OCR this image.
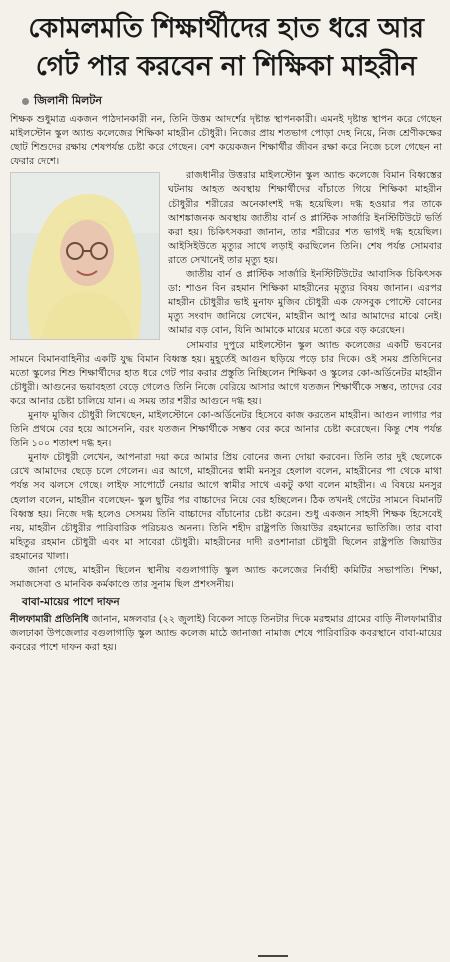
কোমলমতি শিক্ষার্থীদের হাত ধরে আর
গেট পার করবেন না শিক্ষিকা মাহরীন
জিলানী মিলটন

শিক্ষক শুধুমাত্র একজন পাঠদানকারী নন, তিনি উত্তম আদর্শের দৃষ্টান্ত স্থাপনকারী। এমনই দৃষ্টান্ত স্থাপন করে গেছেন মাইলস্টোন স্কুল অ্যান্ড কলেজের শিক্ষিকা মাহরীন চৌধুরী। নিজের প্রায় শতভাগ পোড়া দেহ নিয়ে, নিজ শ্রেণীকক্ষের ছোট শিশুদের রক্ষায় শেষপর্যন্ত চেষ্টা করে গেছেন। বেশ কয়েকজন শিক্ষার্থীর জীবন রক্ষা করে নিজে চলে গেছেন না ফেরার দেশে।

রাজধানীর উত্তরার মাইলস্টোন স্কুল অ্যান্ড কলেজে বিমান বিধ্বস্তের ঘটনায় আহত অবস্থায় শিক্ষার্থীদের বাঁচাতে গিয়ে শিক্ষিকা মাহরীন চৌধুরীর শরীরের অনেকাংশই দগ্ধ হয়েছিল। দগ্ধ হওয়ার পর তাকে আশঙ্কাজনক অবস্থায় জাতীয় বার্ন ও প্লাস্টিক সার্জারি ইনস্টিটিউটে ভর্তি করা হয়। চিকিৎসকরা জানান, তার শরীরের শত ভাগই দগ্ধ হয়েছিল। আইসিইউতে মৃত্যুর সাথে লড়াই করছিলেন তিনি। শেষ পর্যন্ত সোমবার রাতে সেখানেই তার মৃত্যু হয়।

জাতীয় বার্ন ও প্লাস্টিক সার্জারি ইনস্টিটিউটের আবাসিক চিকিৎসক ডা: শাওন বিন রহমান শিক্ষিকা মাহরীনের মৃত্যুর বিষয় জানান। এরপর মাহরীন চৌধুরীর ভাই মুনাফ মুজিব চৌধুরী এক ফেসবুক পোস্টে বোনের মৃত্যু সংবাদ জানিয়ে লেখেন, মাহরীন আপু আর আমাদের মাঝে নেই। আমার বড় বোন, যিনি আমাকে মায়ের মতো করে বড় করেছেন।

সোমবার দুপুরে মাইলস্টোন স্কুল অ্যান্ড কলেজের একটি ভবনের সামনে বিমানবাহিনীর একটি যুদ্ধ বিমান বিধ্বস্ত হয়। মুহূর্তেই আগুন ছড়িয়ে পড়ে চার দিকে। ওই সময় প্রতিদিনের মতো স্কুলের শিশু শিক্ষার্থীদের হাত ধরে গেট পার করার প্রস্তুতি নিচ্ছিলেন শিক্ষিকা ও স্কুলের কো-অর্ডিনেটর মাহরীন চৌধুরী। আগুনের ভয়াবহতা বেড়ে গেলেও তিনি নিজে বেরিয়ে আসার আগে যতজন শিক্ষার্থীকে সম্ভব, তাদের বের করে আনার চেষ্টা চালিয়ে যান। এ সময় তার শরীর আগুনে দগ্ধ হয়।

মুনাফ মুজিব চৌধুরী লিখেছেন, মাইলস্টোনে কো-অর্ডিনেটর হিসেবে কাজ করতেন মাহরীন। আগুন লাগার পর তিনি প্রথমে বের হয়ে আসেননি, বরং যতজন শিক্ষার্থীকে সম্ভব বের করে আনার চেষ্টা করেছেন। কিন্তু শেষ পর্যন্ত তিনি ১০০ শতাংশ দগ্ধ হন।

মুনাফ চৌধুরী লেখেন, আপনারা দয়া করে আমার প্রিয় বোনের জন্য দোয়া করবেন। তিনি তার দুই ছেলেকে রেখে আমাদের ছেড়ে চলে গেলেন। এর আগে, মাহরীনের স্বামী মনসুর হেলাল বলেন, মাহরীনের পা থেকে মাথা পর্যন্ত সব ঝলসে গেছে। লাইফ সাপোর্টে নেয়ার আগে স্বামীর সাথে একটু কথা বলেন মাহরীন। এ বিষয়ে মনসুর হেলাল বলেন, মাহরীন বলেছেন- স্কুল ছুটির পর বাচ্চাদের নিয়ে বের হচ্ছিলেন। ঠিক তখনই গেটের সামনে বিমানটি বিধ্বস্ত হয়। নিজে দগ্ধ হলেও সেসময় তিনি বাচ্চাদের বাঁচানোর চেষ্টা করেন। শুধু একজন সাহসী শিক্ষক হিসেবেই নয়, মাহরীন চৌধুরীর পারিবারিক পরিচয়ও অনন্য। তিনি শহীদ রাষ্ট্রপতি জিয়াউর রহমানের ভাতিজি। তার বাবা মহিতুর রহমান চৌধুরী এবং মা সাবেরা চৌধুরী। মাহরীনের দাদী রওশানারা চৌধুরী ছিলেন রাষ্ট্রপতি জিয়াউর রহমানের খালা।

জানা গেছে, মাহরীন ছিলেন স্থানীয় বগুলাগাড়ি স্কুল অ্যান্ড কলেজের নির্বাহী কমিটির সভাপতি। শিক্ষা, সমাজসেবা ও মানবিক কর্মকাণ্ডে তার সুনাম ছিল প্রশংসনীয়।

বাবা-মায়ের পাশে দাফন

নীলফামারী প্রতিনিধি জানান, মঙ্গলবার (২২ জুলাই) বিকেল সাড়ে তিনটার দিকে মরহুমার গ্রামের বাড়ি নীলফামারীর জলঢাকা উপজেলার বগুলাগাড়ি স্কুল অ্যান্ড কলেজ মাঠে জানাজা নামাজ শেষে পারিবারিক কবরস্থানে বাবা-মায়ের কবরের পাশে দাফন করা হয়।
